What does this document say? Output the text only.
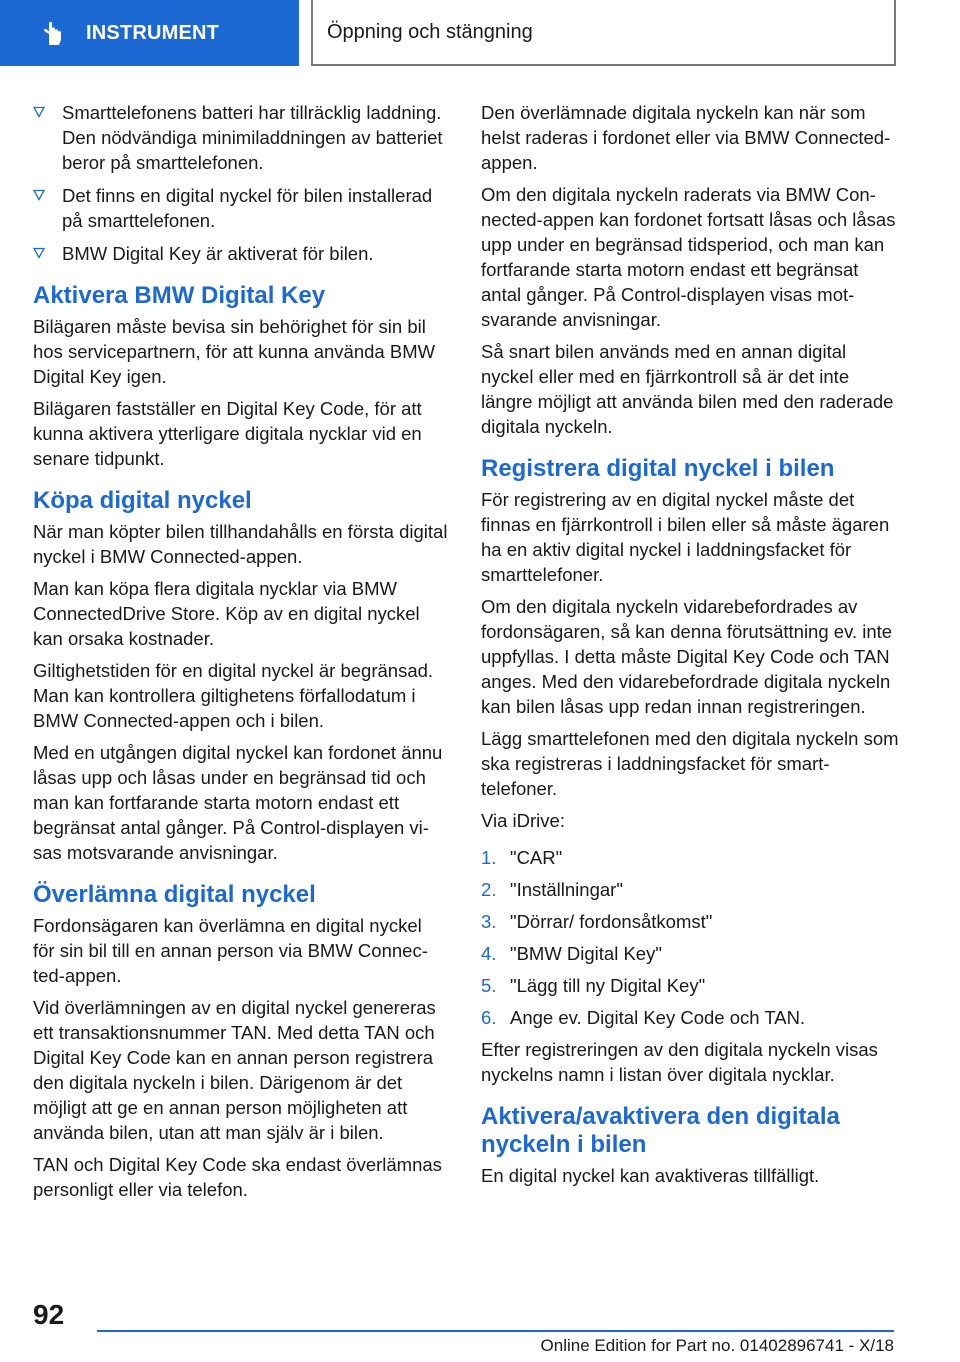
INSTRUMENT	Öppning och stängning
Smarttelefonens batteri har tillräcklig laddning. Den nödvändiga minimiladdningen av batteriet beror på smarttelefonen.
Det finns en digital nyckel för bilen installerad på smarttelefonen.
BMW Digital Key är aktiverat för bilen.
Aktivera BMW Digital Key

Bilägaren måste bevisa sin behörighet för sin bil hos servicepartnern, för att kunna använda BMW Digital Key igen.

Bilägaren fastställer en Digital Key Code, för att kunna aktivera ytterligare digitala nycklar vid en senare tidpunkt.

Köpa digital nyckel

När man köpter bilen tillhandahålls en första digital nyckel i BMW Connected-appen.

Man kan köpa flera digitala nycklar via BMW ConnectedDrive Store. Köp av en digital nyckel kan orsaka kostnader.

Giltighetstiden för en digital nyckel är begränsad. Man kan kontrollera giltighetens förfallodatum i BMW Connected-appen och i bilen.

Med en utgången digital nyckel kan fordonet ännu låsas upp och låsas under en begränsad tid och man kan fortfarande starta motorn endast ett begränsat antal gånger. På Control-displayen visas motsvarande anvisningar.

Överlämna digital nyckel

Fordonsägaren kan överlämna en digital nyckel för sin bil till en annan person via BMW Connected-appen.

Vid överlämningen av en digital nyckel genereras ett transaktionsnummer TAN. Med detta TAN och Digital Key Code kan en annan person registrera den digitala nyckeln i bilen. Därigenom är det möjligt att ge en annan person möjligheten att använda bilen, utan att man själv är i bilen.

TAN och Digital Key Code ska endast överlämnas personligt eller via telefon.

Den överlämnade digitala nyckeln kan när som helst raderas i fordonet eller via BMW Connected-appen.

Om den digitala nyckeln raderats via BMW Connected-appen kan fordonet fortsatt låsas och låsas upp under en begränsad tidsperiod, och man kan fortfarande starta motorn endast ett begränsat antal gånger. På Control-displayen visas motsvarande anvisningar.

Så snart bilen används med en annan digital nyckel eller med en fjärrkontroll så är det inte längre möjligt att använda bilen med den raderade digitala nyckeln.

Registrera digital nyckel i bilen

För registrering av en digital nyckel måste det finnas en fjärrkontroll i bilen eller så måste ägaren ha en aktiv digital nyckel i laddningsfacket för smarttelefoner.

Om den digitala nyckeln vidarebefordrades av fordonsägaren, så kan denna förutsättning ev. inte uppfyllas. I detta måste Digital Key Code och TAN anges. Med den vidarebefordrade digitala nyckeln kan bilen låsas upp redan innan registreringen.

Lägg smarttelefonen med den digitala nyckeln som ska registreras i laddningsfacket för smarttelefoner.

Via iDrive:

1. "CAR"
2. "Inställningar"
3. "Dörrar/ fordonsåtkomst"
4. "BMW Digital Key"
5. "Lägg till ny Digital Key"
6. Ange ev. Digital Key Code och TAN.

Efter registreringen av den digitala nyckeln visas nyckelns namn i listan över digitala nycklar.

Aktivera/avaktivera den digitala nyckeln i bilen

En digital nyckel kan avaktiveras tillfälligt.

92
Online Edition for Part no. 01402896741 - X/18
